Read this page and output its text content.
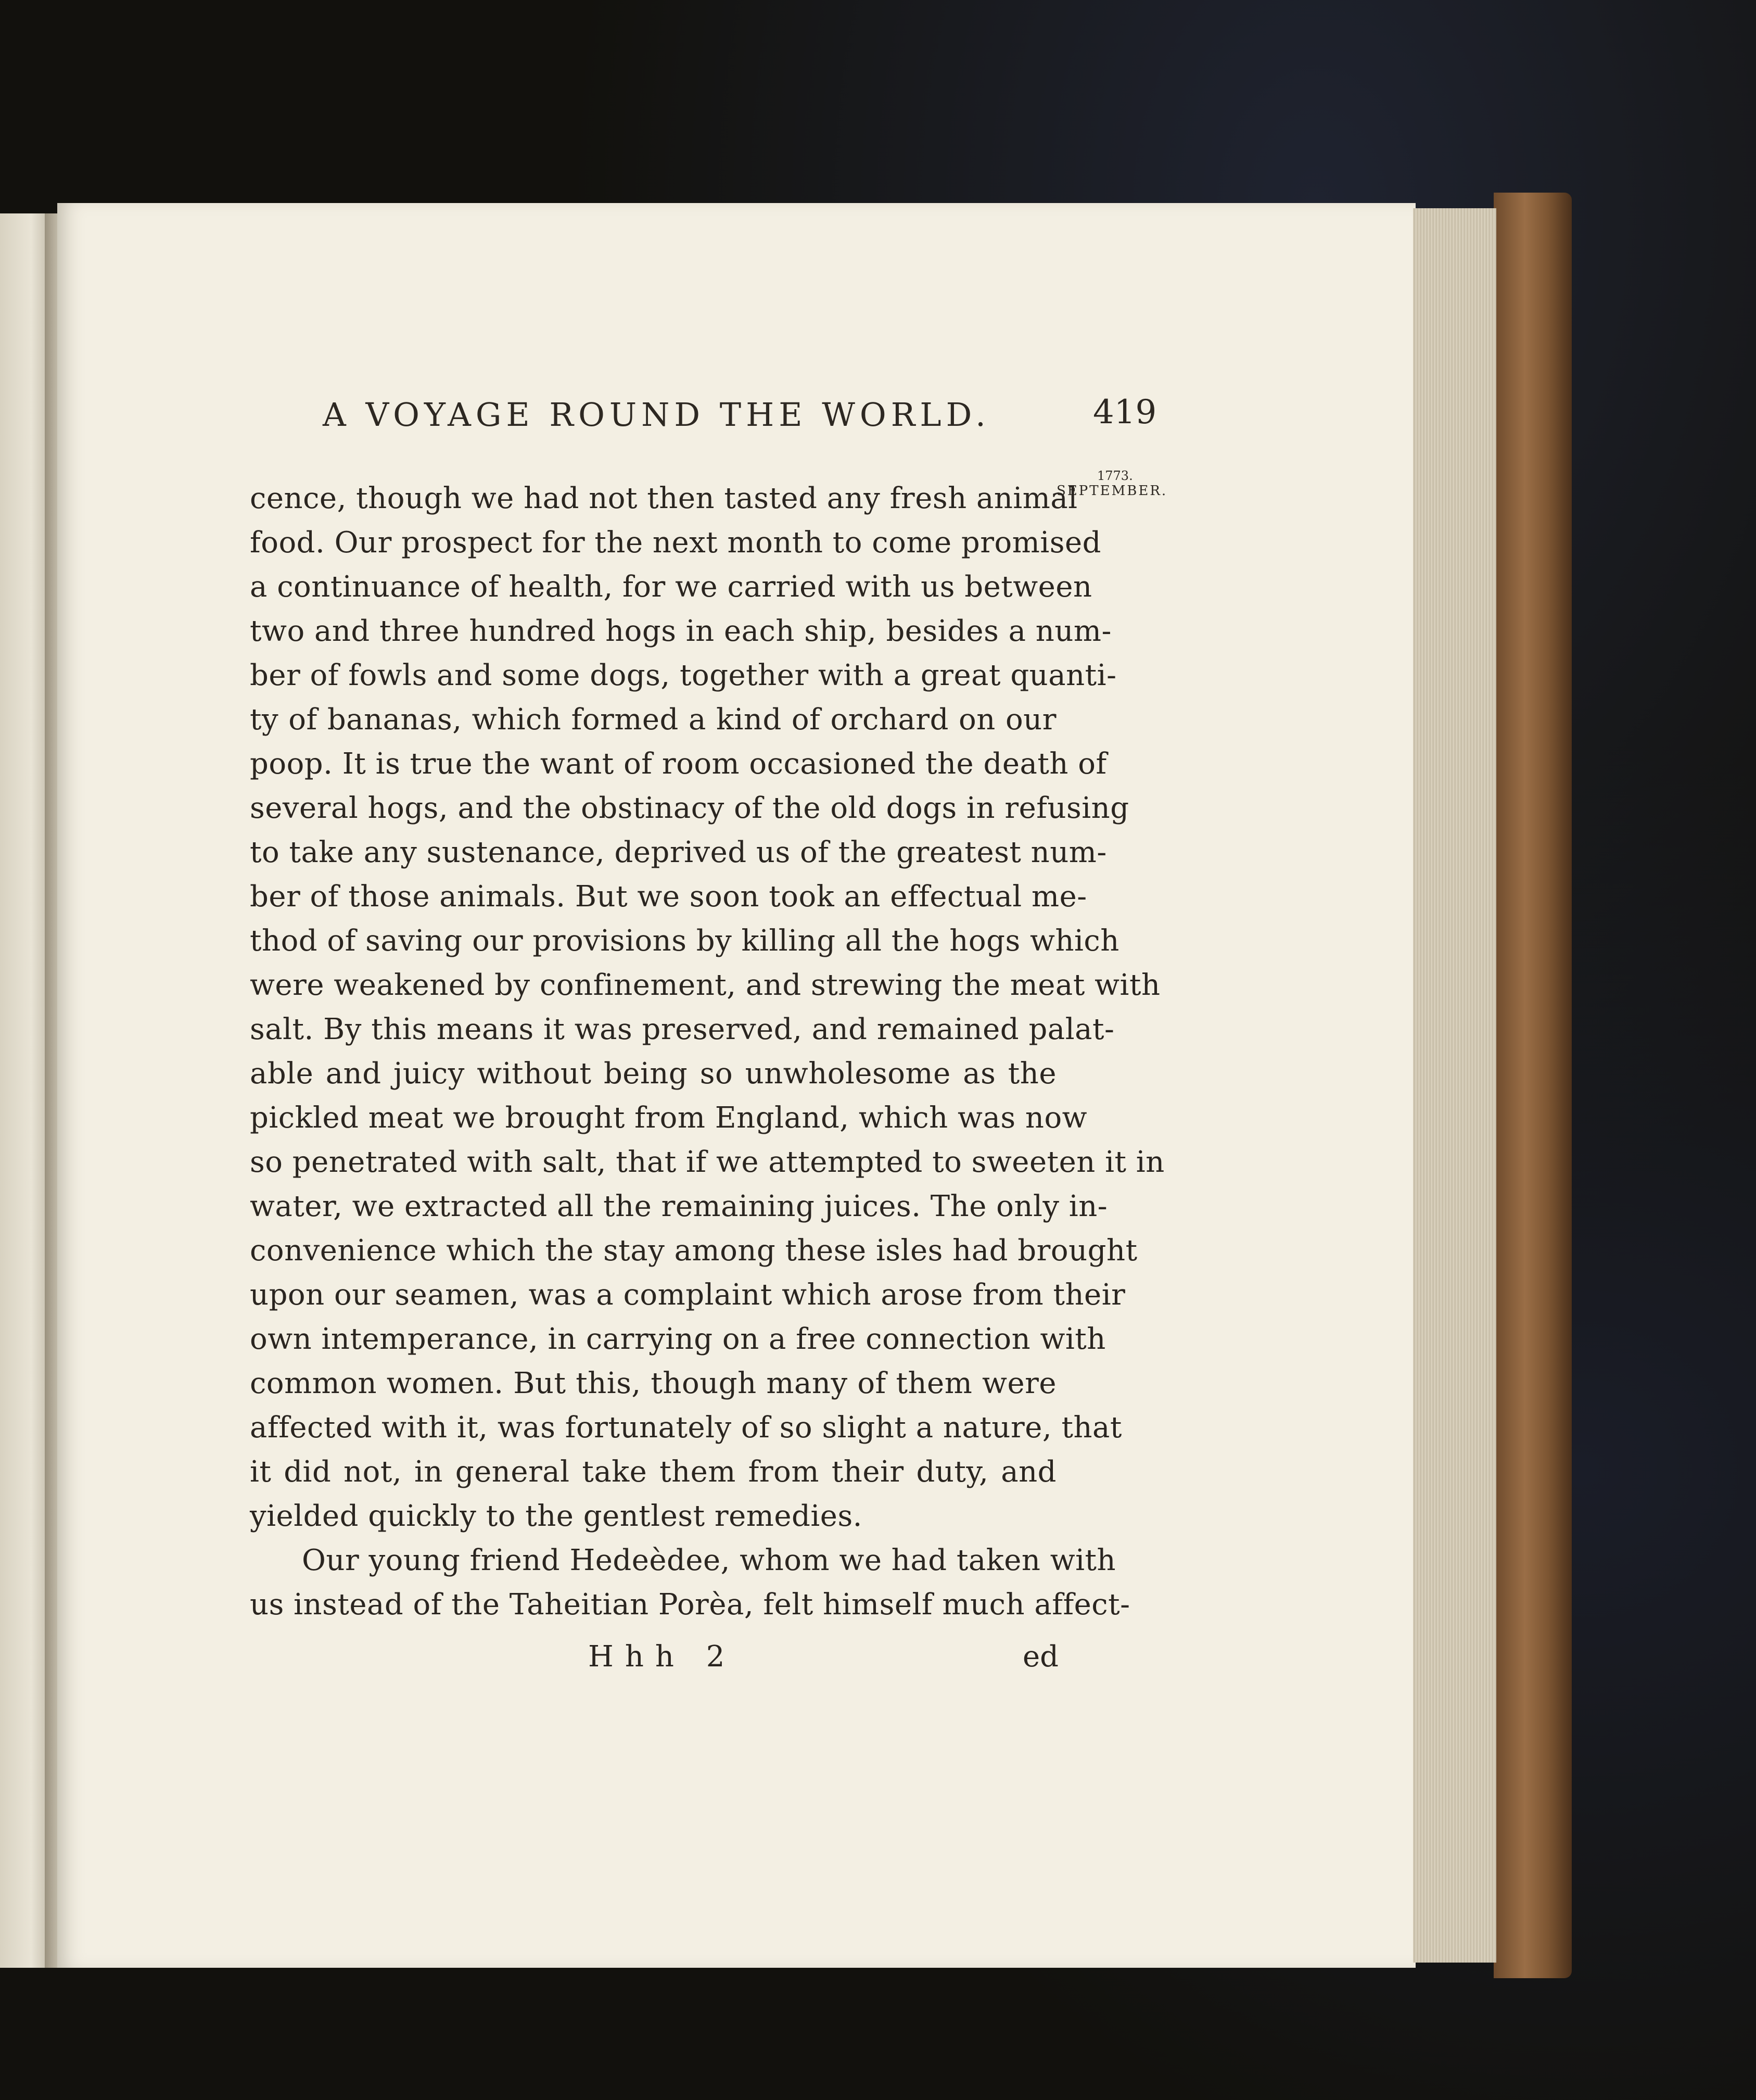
A VOYAGE ROUND THE WORLD.	419
1773.
SEPTEMBER.
cence, though we had not then tasted any fresh animal
food. Our prospect for the next month to come promised
a continuance of health, for we carried with us between
two and three hundred hogs in each ship, besides a num-
ber of fowls and some dogs, together with a great quanti-
ty of bananas, which formed a kind of orchard on our
poop. It is true the want of room occasioned the death of
several hogs, and the obstinacy of the old dogs in refusing
to take any sustenance, deprived us of the greatest num-
ber of those animals. But we soon took an effectual me-
thod of saving our provisions by killing all the hogs which
were weakened by confinement, and strewing the meat with
salt. By this means it was preserved, and remained palat-
able and juicy without being so unwholesome as the
pickled meat we brought from England, which was now
so penetrated with salt, that if we attempted to sweeten it in
water, we extracted all the remaining juices. The only in-
convenience which the stay among these isles had brought
upon our seamen, was a complaint which arose from their
own intemperance, in carrying on a free connection with
common women. But this, though many of them were
affected with it, was fortunately of so slight a nature, that
it did not, in general take them from their duty, and
yielded quickly to the gentlest remedies.
Our young friend Hedeèdee, whom we had taken with
us instead of the Taheitian Porèa, felt himself much affect-
Hhh 2	ed
